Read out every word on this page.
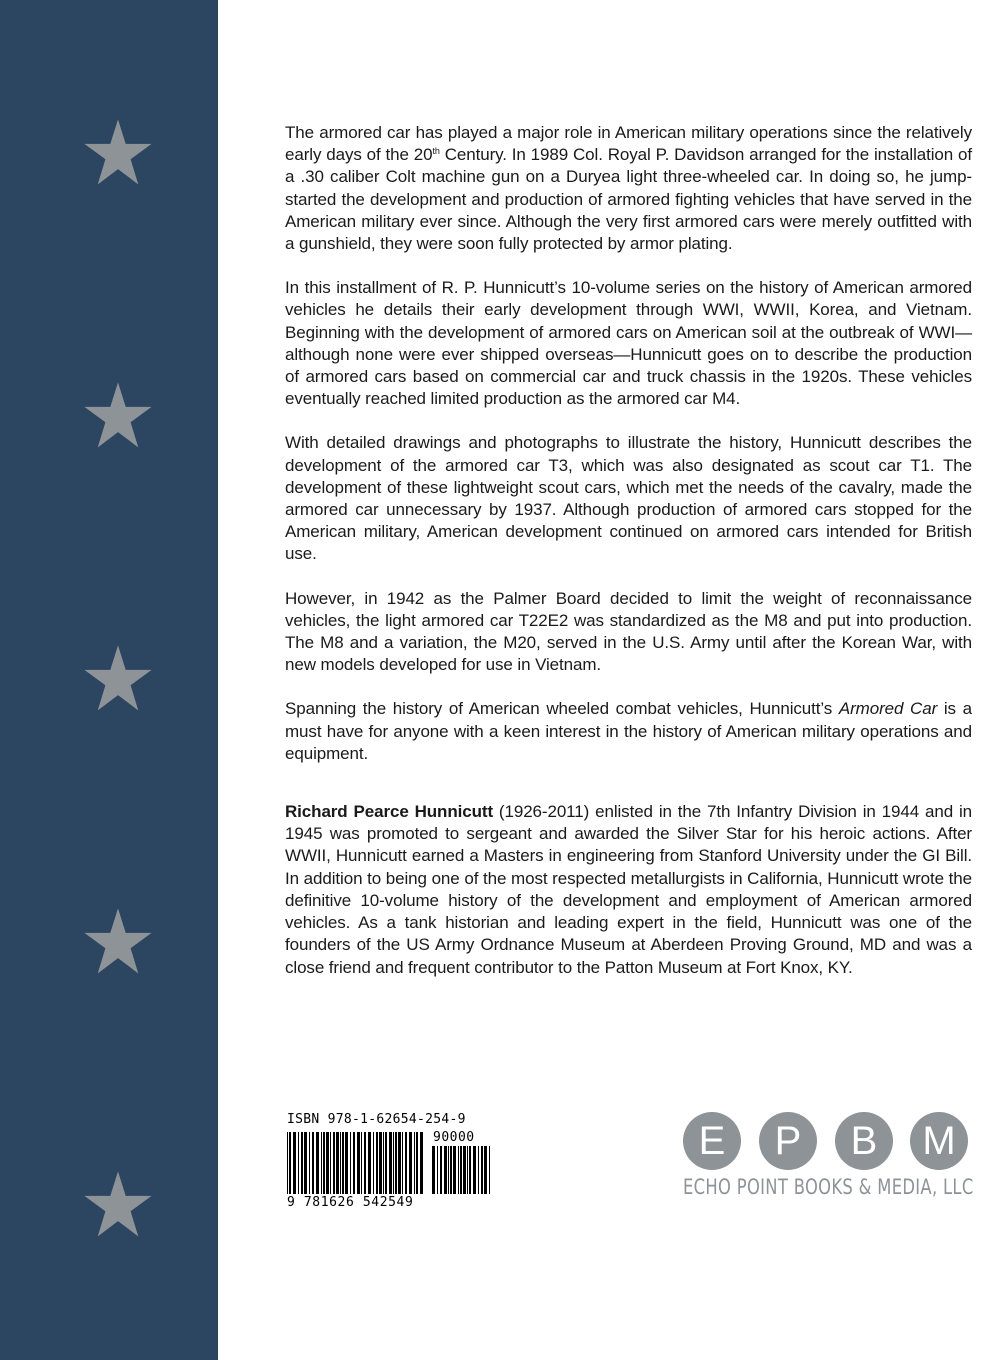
The armored car has played a major role in American military operations since the relatively early days of the 20th Century. In 1989 Col. Royal P. Davidson arranged for the installation of a .30 caliber Colt machine gun on a Duryea light three-wheeled car. In doing so, he jump-started the development and production of armored fighting vehicles that have served in the American military ever since. Although the very first armored cars were merely outfitted with a gunshield, they were soon fully protected by armor plating.

In this installment of R. P. Hunnicutt’s 10-volume series on the history of American armored vehicles he details their early development through WWI, WWII, Korea, and Vietnam. Beginning with the development of armored cars on American soil at the outbreak of WWI—although none were ever shipped overseas—Hunnicutt goes on to describe the production of armored cars based on commercial car and truck chassis in the 1920s. These vehicles eventually reached limited production as the armored car M4.

With detailed drawings and photographs to illustrate the history, Hunnicutt describes the development of the armored car T3, which was also designated as scout car T1. The development of these lightweight scout cars, which met the needs of the cavalry, made the armored car unnecessary by 1937. Although production of armored cars stopped for the American military, American development continued on armored cars intended for British use.

However, in 1942 as the Palmer Board decided to limit the weight of reconnaissance vehicles, the light armored car T22E2 was standardized as the M8 and put into production. The M8 and a variation, the M20, served in the U.S. Army until after the Korean War, with new models developed for use in Vietnam.

Spanning the history of American wheeled combat vehicles, Hunnicutt’s Armored Car is a must have for anyone with a keen interest in the history of American military operations and equipment.

Richard Pearce Hunnicutt (1926-2011) enlisted in the 7th Infantry Division in 1944 and in 1945 was promoted to sergeant and awarded the Silver Star for his heroic actions. After WWII, Hunnicutt earned a Masters in engineering from Stanford University under the GI Bill. In addition to being one of the most respected metallurgists in California, Hunnicutt wrote the definitive 10-volume history of the development and employment of American armored vehicles. As a tank historian and leading expert in the field, Hunnicutt was one of the founders of the US Army Ordnance Museum at Aberdeen Proving Ground, MD and was a close friend and frequent contributor to the Patton Museum at Fort Knox, KY.

ISBN 978-1-62654-254-9
90000
9 781626 542549
E	P	B	M
ECHO POINT BOOKS & MEDIA, LLC
